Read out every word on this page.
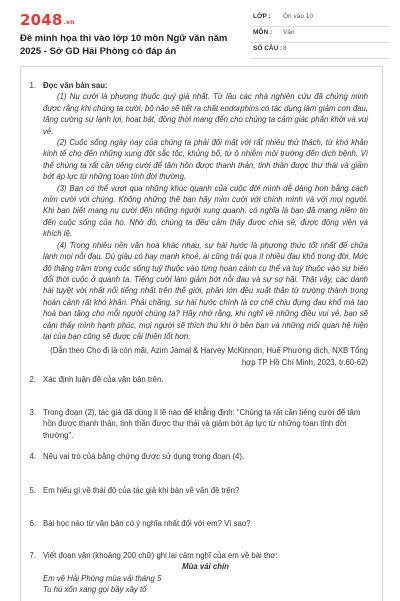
2048.vn
Đề minh họa thi vào lớp 10 môn Ngữ văn năm 2025 - Sở GD Hải Phòng có đáp án
LỚP : Ôn vào 10
MÔN : Văn
SỐ CÂU : 8
1. Đọc văn bản sau:

(1) Nụ cười là phương thuốc quý giá nhất. Từ lâu các nhà nghiên cứu đã chứng minh được rằng khi chúng ta cười, bộ não sẽ tiết ra chất endorphins có tác dụng làm giảm cơn đau, tăng cường sự lạnh lợi, hoạt bát, đồng thời mang đến cho chúng ta cảm giác phấn khởi và vui vẻ.

(2) Cuộc sống ngày nay của chúng ta phải đối mặt với rất nhiều thử thách, từ khó khăn kinh tế cho đến những xung đột sắc tộc, khủng bố, từ ô nhiễm môi trường đến dịch bệnh. Vì thế chúng ta rất cần tiếng cười để tâm hồn được thanh thản, tinh thần được thư thái và giảm bớt áp lực từ những toan tính đời thường.

(3) Bạn có thể vượt qua những khúc quanh của cuộc đời mình dễ dàng hơn bằng cách mỉm cười với chúng. Không những thế bạn hãy mỉm cười với chính mình và với mọi người. Khi bạn biết mang nụ cười đến những người xung quanh, có nghĩa là bạn đã mang niềm tin đến cuộc sống của họ. Nhờ đó, chúng ta đều cảm thấy được chia sẻ, được động viên và khích lệ.

(4) Trong nhiều nền văn hoá khác nhau, sự hài hước là phương thức tốt nhất để chữa lành mọi nỗi đau. Dù giàu có hay mạnh khoẻ, ai cũng trải qua ít nhiều đau khổ trong đời. Mức độ thăng trầm trong cuộc sống tuỳ thuộc vào từng hoàn cảnh cụ thể và tuỳ thuộc vào sự biến đổi thời cuộc ở quanh ta. Tiếng cười làm giảm bớt nỗi đau và sự sợ hãi. Thật vậy, các danh hài tuyệt vời nhất nổi tiếng nhất trên thế giới, phần lớn đều xuất thân từ trường thành trong hoàn cảnh rất khó khăn. Phải chăng, sự hài hước chính là cơ chế chịu đựng đau khổ mà tạo hoá ban tặng cho mỗi người chúng ta? Hãy nhớ rằng, khi nghĩ về những điều vui vẻ, bạn sẽ cảm thấy mình hạnh phúc, mọi người sẽ thích thú khi ở bên bạn và những mối quan hệ hiện tại của bạn cũng sẽ được cải thiện tốt hơn.

(Dẫn theo Cho đi là còn mãi, Azim Jamal & Harvey McKinnon, Huế Phương dịch, NXB Tổng hợp TP Hồ Chí Minh, 2023, tr.60-62)
2. Xác định luận đề của văn bản trên.
3. Trong đoạn (2), tác giả đã dùng lí lẽ nào để khẳng định: “Chúng ta rất cần tiếng cười để tâm hồn được thanh thản, tinh thần được thư thái và giảm bớt áp lực từ những toan tính đời thường”.
4. Nêu vai trò của bằng chứng được sử dụng trong đoạn (4).
5. Em hiểu gì về thái độ của tác giả khi bàn về vấn đề trên?
6. Bài học nào từ văn bản có ý nghĩa nhất đối với em? Vì sao?
7. Viết đoạn văn (khoảng 200 chữ) ghi lại cảm nghĩ của em về bài thơ:
Mùa vải chín
Em về Hải Phòng mùa vải tháng 5
Tu hú xốn xang gọi bầy xây tổ
